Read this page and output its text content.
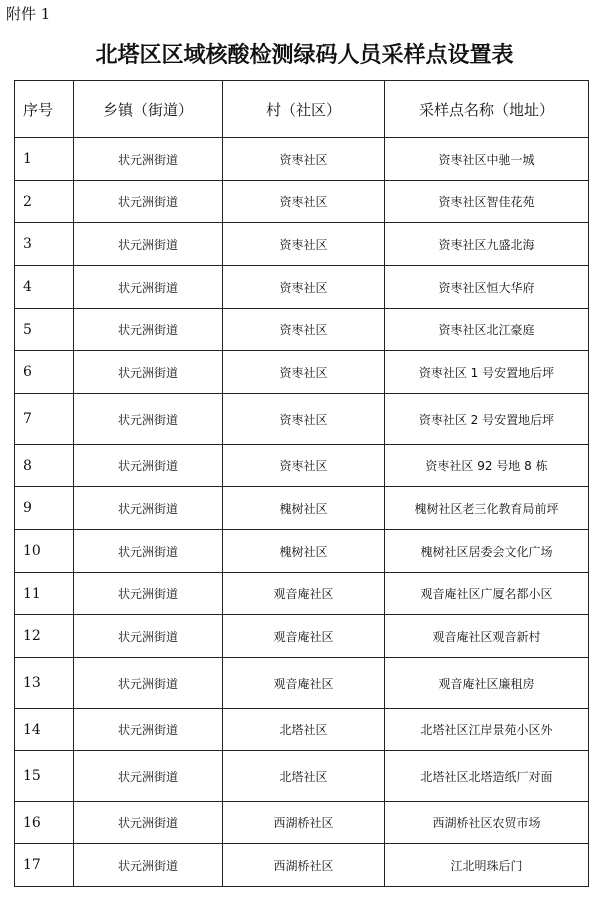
附件 1
北塔区区域核酸检测绿码人员采样点设置表
序号	乡镇（街道）	村（社区）	采样点名称（地址）
1	状元洲街道	资枣社区	资枣社区中驰一城
2	状元洲街道	资枣社区	资枣社区智佳花苑
3	状元洲街道	资枣社区	资枣社区九盛北海
4	状元洲街道	资枣社区	资枣社区恒大华府
5	状元洲街道	资枣社区	资枣社区北江豪庭
6	状元洲街道	资枣社区	资枣社区 1 号安置地后坪
7	状元洲街道	资枣社区	资枣社区 2 号安置地后坪
8	状元洲街道	资枣社区	资枣社区 92 号地 8 栋
9	状元洲街道	槐树社区	槐树社区老三化教育局前坪
10	状元洲街道	槐树社区	槐树社区居委会文化广场
11	状元洲街道	观音庵社区	观音庵社区广厦名都小区
12	状元洲街道	观音庵社区	观音庵社区观音新村
13	状元洲街道	观音庵社区	观音庵社区廉租房
14	状元洲街道	北塔社区	北塔社区江岸景苑小区外
15	状元洲街道	北塔社区	北塔社区北塔造纸厂对面
16	状元洲街道	西湖桥社区	西湖桥社区农贸市场
17	状元洲街道	西湖桥社区	江北明珠后门
